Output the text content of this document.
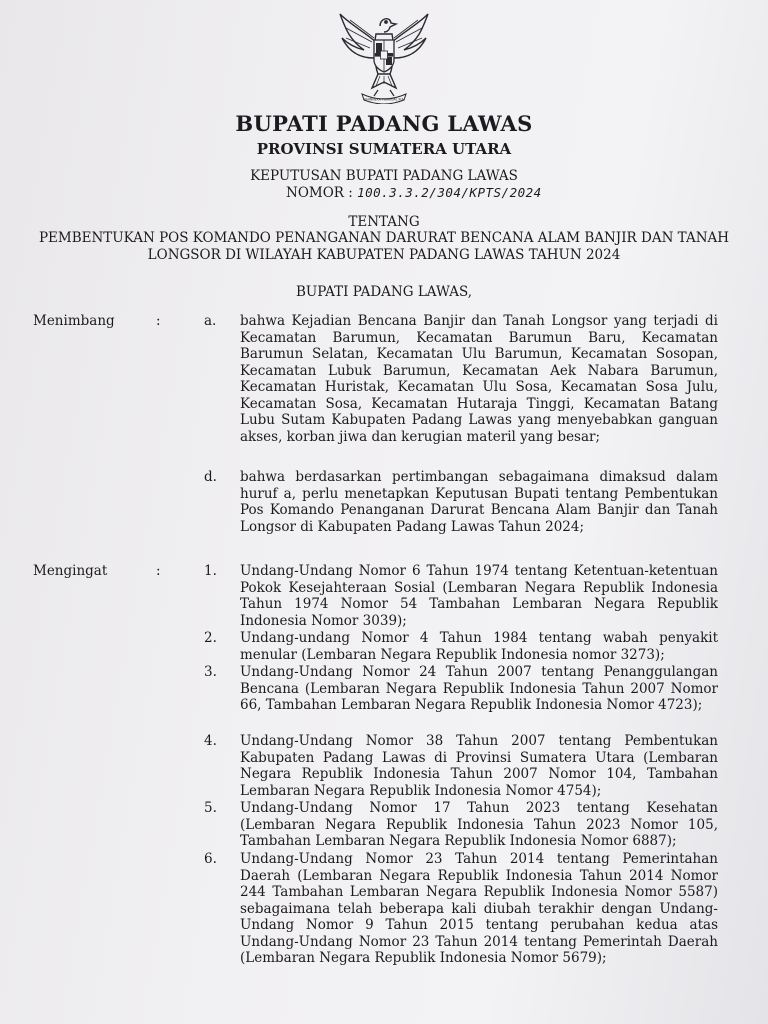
BHINNEKA TUNGGAL IKA
BUPATI PADANG LAWAS
PROVINSI SUMATERA UTARA
KEPUTUSAN BUPATI PADANG LAWAS
NOMOR : 100.3.3.2/304/KPTS/2024
TENTANG
PEMBENTUKAN POS KOMANDO PENANGANAN DARURAT BENCANA ALAM BANJIR DAN TANAH LONGSOR DI WILAYAH KABUPATEN PADANG LAWAS TAHUN 2024
BUPATI PADANG LAWAS,
Menimbang	:	a. bahwa Kejadian Bencana Banjir dan Tanah Longsor yang terjadi di Kecamatan Barumun, Kecamatan Barumun Baru, Kecamatan Barumun Selatan, Kecamatan Ulu Barumun, Kecamatan Sosopan, Kecamatan Lubuk Barumun, Kecamatan Aek Nabara Barumun, Kecamatan Huristak, Kecamatan Ulu Sosa, Kecamatan Sosa Julu, Kecamatan Sosa, Kecamatan Hutaraja Tinggi, Kecamatan Batang Lubu Sutam Kabupaten Padang Lawas yang menyebabkan ganguan akses, korban jiwa dan kerugian materil yang besar;
d. bahwa berdasarkan pertimbangan sebagaimana dimaksud dalam huruf a, perlu menetapkan Keputusan Bupati tentang Pembentukan Pos Komando Penanganan Darurat Bencana Alam Banjir dan Tanah Longsor di Kabupaten Padang Lawas Tahun 2024;
Mengingat	:	1. Undang-Undang Nomor 6 Tahun 1974 tentang Ketentuan-ketentuan Pokok Kesejahteraan Sosial (Lembaran Negara Republik Indonesia Tahun 1974 Nomor 54 Tambahan Lembaran Negara Republik Indonesia Nomor 3039);
2. Undang-undang Nomor 4 Tahun 1984 tentang wabah penyakit menular (Lembaran Negara Republik Indonesia nomor 3273);
3. Undang-Undang Nomor 24 Tahun 2007 tentang Penanggulangan Bencana (Lembaran Negara Republik Indonesia Tahun 2007 Nomor 66, Tambahan Lembaran Negara Republik Indonesia Nomor 4723);
4. Undang-Undang Nomor 38 Tahun 2007 tentang Pembentukan Kabupaten Padang Lawas di Provinsi Sumatera Utara (Lembaran Negara Republik Indonesia Tahun 2007 Nomor 104, Tambahan Lembaran Negara Republik Indonesia Nomor 4754);
5. Undang-Undang Nomor 17 Tahun 2023 tentang Kesehatan (Lembaran Negara Republik Indonesia Tahun 2023 Nomor 105, Tambahan Lembaran Negara Republik Indonesia Nomor 6887);
6. Undang-Undang Nomor 23 Tahun 2014 tentang Pemerintahan Daerah (Lembaran Negara Republik Indonesia Tahun 2014 Nomor 244 Tambahan Lembaran Negara Republik Indonesia Nomor 5587) sebagaimana telah beberapa kali diubah terakhir dengan Undang-Undang Nomor 9 Tahun 2015 tentang perubahan kedua atas Undang-Undang Nomor 23 Tahun 2014 tentang Pemerintah Daerah (Lembaran Negara Republik Indonesia Nomor 5679);
